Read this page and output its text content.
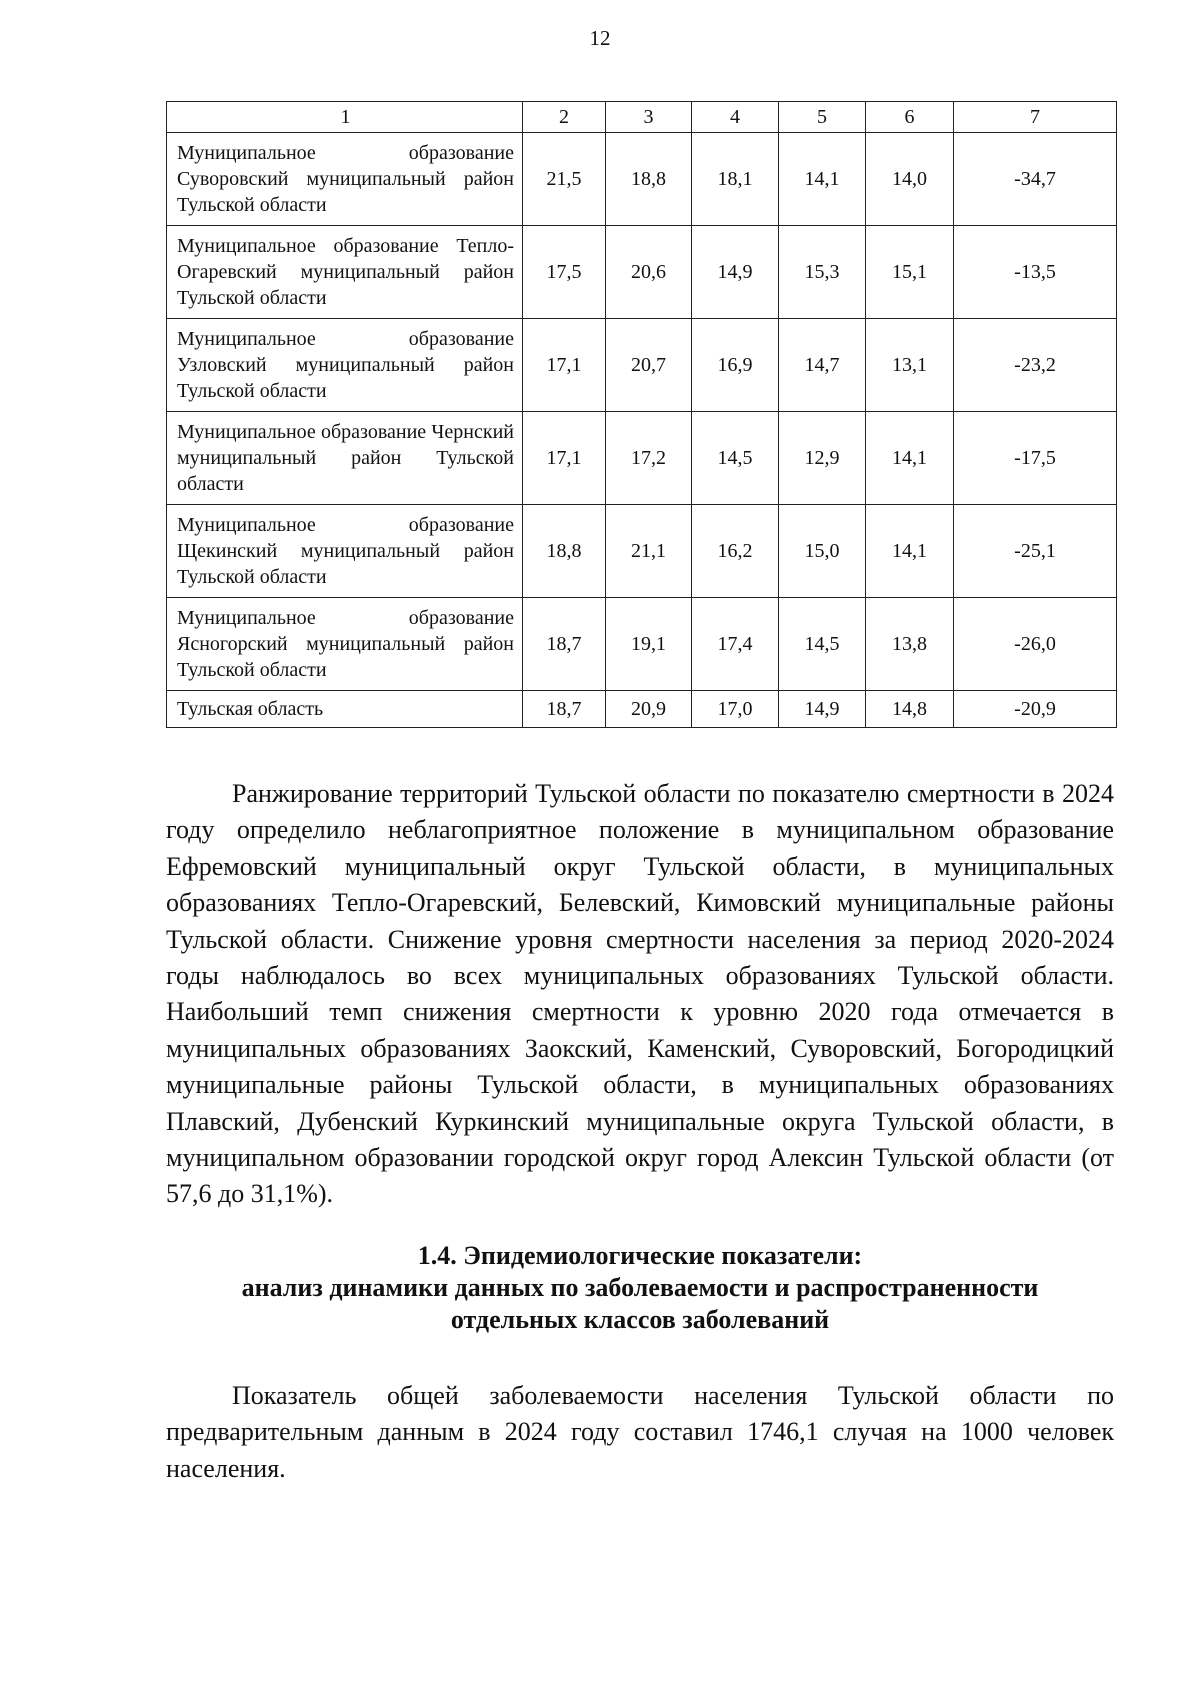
12
1	2	3	4	5	6	7
Муниципальное образование Суворовский муниципальный район Тульской области	21,5	18,8	18,1	14,1	14,0	-34,7
Муниципальное образование Тепло-Огаревский муниципальный район Тульской области	17,5	20,6	14,9	15,3	15,1	-13,5
Муниципальное образование Узловский муниципальный район Тульской области	17,1	20,7	16,9	14,7	13,1	-23,2
Муниципальное образование Чернский муниципальный район Тульской области	17,1	17,2	14,5	12,9	14,1	-17,5
Муниципальное образование Щекинский муниципальный район Тульской области	18,8	21,1	16,2	15,0	14,1	-25,1
Муниципальное образование Ясногорский муниципальный район Тульской области	18,7	19,1	17,4	14,5	13,8	-26,0
Тульская область	18,7	20,9	17,0	14,9	14,8	-20,9

Ранжирование территорий Тульской области по показателю смертности в 2024 году определило неблагоприятное положение в муниципальном образование Ефремовский муниципальный округ Тульской области, в муниципальных образованиях Тепло-Огаревский, Белевский, Кимовский муниципальные районы Тульской области. Снижение уровня смертности населения за период 2020-2024 годы наблюдалось во всех муниципальных образованиях Тульской области. Наибольший темп снижения смертности к уровню 2020 года отмечается в муниципальных образованиях Заокский, Каменский, Суворовский, Богородицкий муниципальные районы Тульской области, в муниципальных образованиях Плавский, Дубенский Куркинский муниципальные округа Тульской области, в муниципальном образовании городской округ город Алексин Тульской области (от 57,6 до 31,1%).

1.4. Эпидемиологические показатели:
анализ динамики данных по заболеваемости и распространенности
отдельных классов заболеваний

Показатель общей заболеваемости населения Тульской области по предварительным данным в 2024 году составил 1746,1 случая на 1000 человек населения.
